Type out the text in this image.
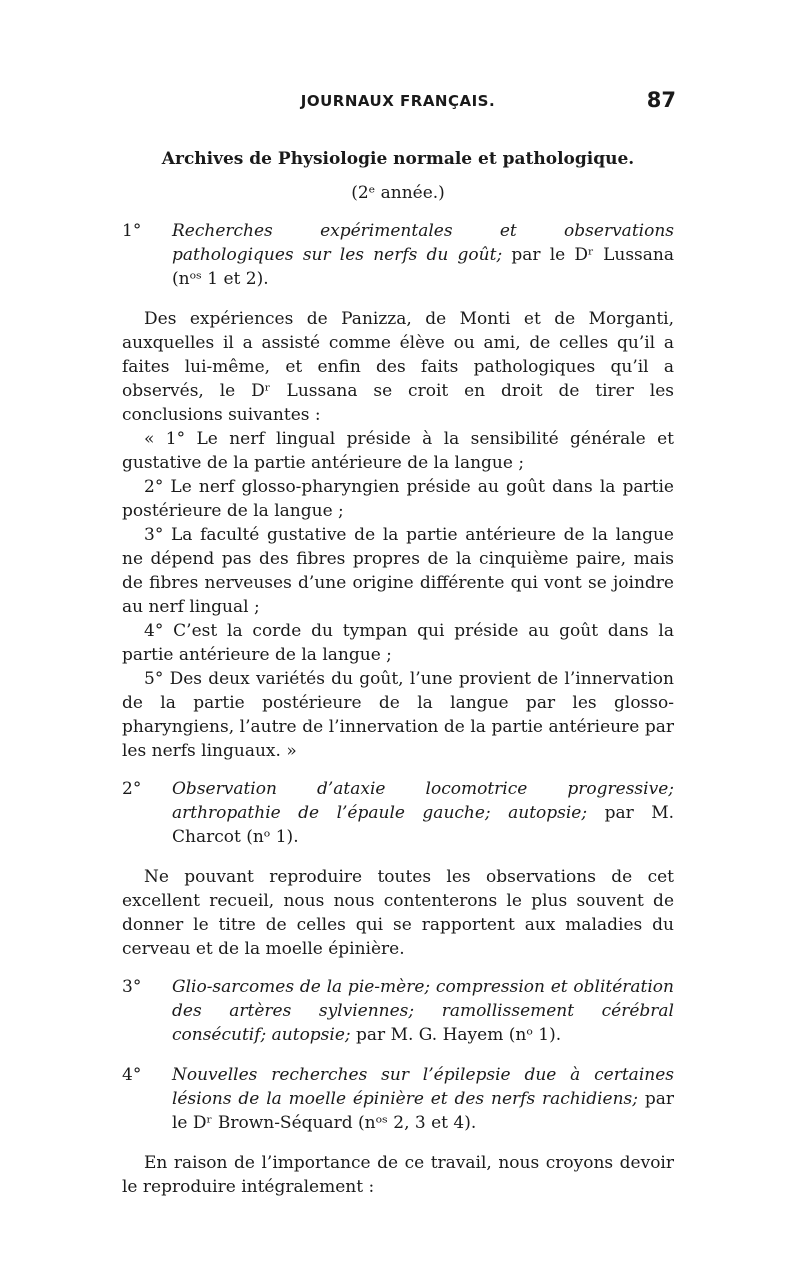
JOURNAUX FRANÇAIS.	87
Archives de Physiologie normale et pathologique.
(2ᵉ année.)
1°	Recherches expérimentales et observations pathologiques sur les nerfs du goût; par le Dʳ Lussana (nᵒˢ 1 et 2).

Des expériences de Panizza, de Monti et de Morganti, auxquelles il a assisté comme élève ou ami, de celles qu’il a faites lui-même, et enfin des faits pathologiques qu’il a observés, le Dʳ Lussana se croit en droit de tirer les conclusions suivantes :

« 1° Le nerf lingual préside à la sensibilité générale et gustative de la partie antérieure de la langue ;

2° Le nerf glosso-pharyngien préside au goût dans la partie postérieure de la langue ;

3° La faculté gustative de la partie antérieure de la langue ne dépend pas des fibres propres de la cinquième paire, mais de fibres nerveuses d’une origine différente qui vont se joindre au nerf lingual ;

4° C’est la corde du tympan qui préside au goût dans la partie antérieure de la langue ;

5° Des deux variétés du goût, l’une provient de l’innervation de la partie postérieure de la langue par les glosso-pharyngiens, l’autre de l’innervation de la partie antérieure par les nerfs linguaux. »

2°	Observation d’ataxie locomotrice progressive; arthropathie de l’épaule gauche; autopsie; par M. Charcot (nᵒ 1).

Ne pouvant reproduire toutes les observations de cet excellent recueil, nous nous contenterons le plus souvent de donner le titre de celles qui se rapportent aux maladies du cerveau et de la moelle épinière.

3°	Glio-sarcomes de la pie-mère; compression et oblitération des artères sylviennes; ramollissement cérébral consécutif; autopsie; par M. G. Hayem (nᵒ 1).
4°	Nouvelles recherches sur l’épilepsie due à certaines lésions de la moelle épinière et des nerfs rachidiens; par le Dʳ Brown-Séquard (nᵒˢ 2, 3 et 4).

En raison de l’importance de ce travail, nous croyons devoir le reproduire intégralement :
